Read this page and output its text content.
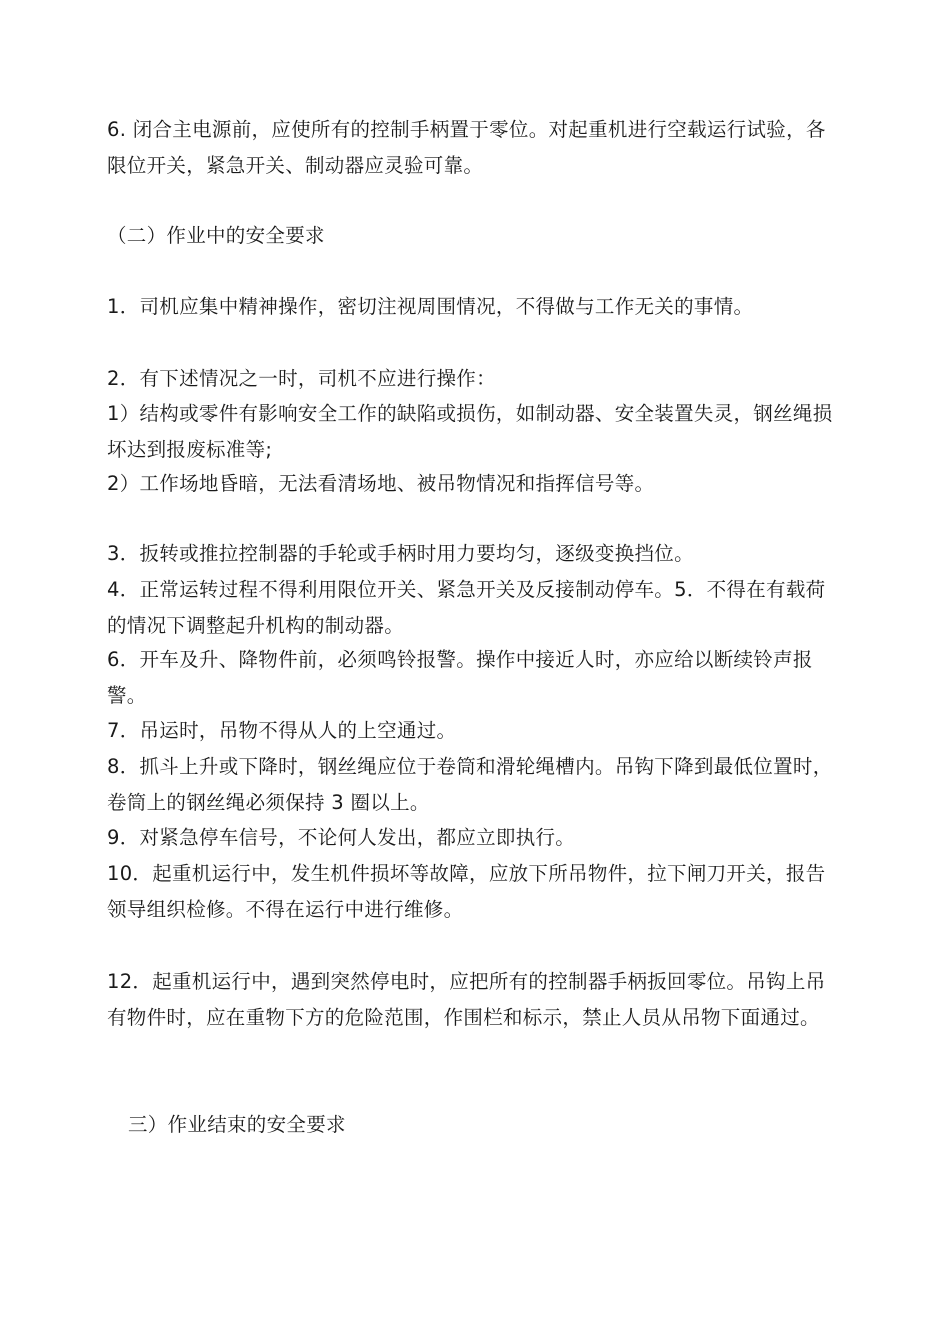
6. 闭合主电源前，应使所有的控制手柄置于零位。对起重机进行空载运行试验，各限位开关，紧急开关、制动器应灵验可靠。

（二）作业中的安全要求

1．司机应集中精神操作，密切注视周围情况，不得做与工作无关的事情。

2．有下述情况之一时，司机不应进行操作：

1）结构或零件有影响安全工作的缺陷或损伤，如制动器、安全装置失灵，钢丝绳损坏达到报废标准等;

2）工作场地昏暗，无法看清场地、被吊物情况和指挥信号等。

3．扳转或推拉控制器的手轮或手柄时用力要均匀，逐级变换挡位。

4．正常运转过程不得利用限位开关、紧急开关及反接制动停车。5．不得在有载荷的情况下调整起升机构的制动器。

6．开车及升、降物件前，必须鸣铃报警。操作中接近人时，亦应给以断续铃声报警。

7．吊运时，吊物不得从人的上空通过。

8．抓斗上升或下降时，钢丝绳应位于卷筒和滑轮绳槽内。吊钩下降到最低位置时，卷筒上的钢丝绳必须保持 3 圈以上。

9．对紧急停车信号，不论何人发出，都应立即执行。

10．起重机运行中，发生机件损坏等故障，应放下所吊物件，拉下闸刀开关，报告领导组织检修。不得在运行中进行维修。

12．起重机运行中，遇到突然停电时，应把所有的控制器手柄扳回零位。吊钩上吊有物件时，应在重物下方的危险范围，作围栏和标示，禁止人员从吊物下面通过。

三）作业结束的安全要求
